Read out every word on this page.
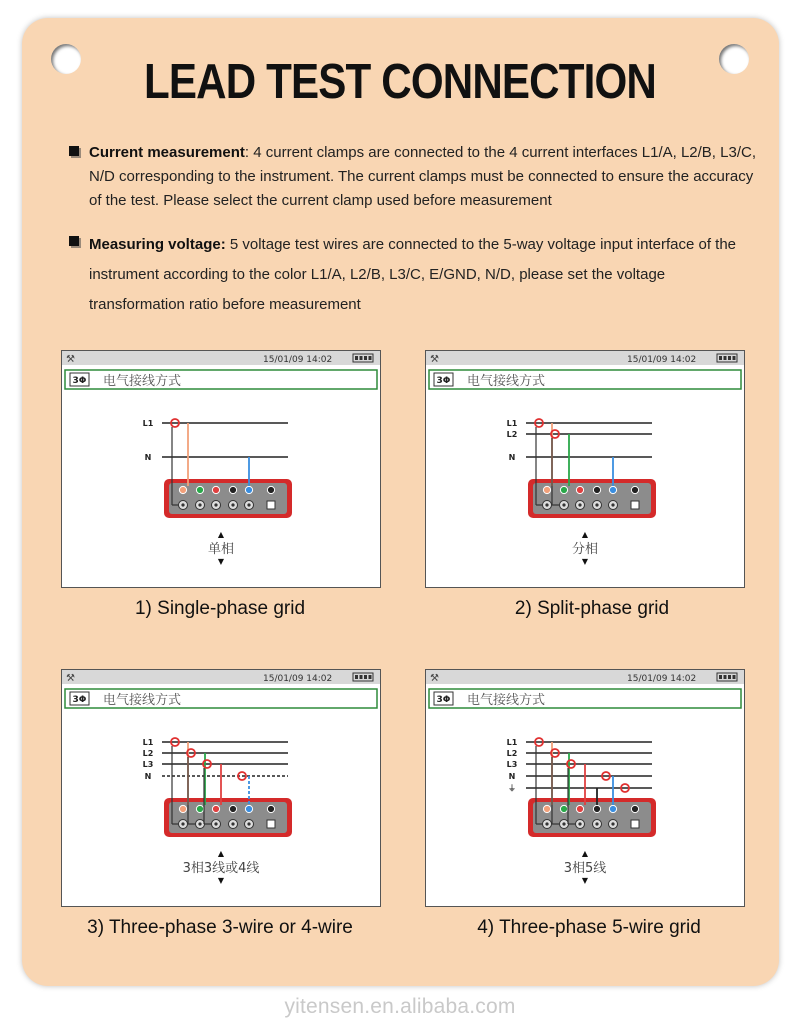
LEAD TEST CONNECTION
Current measurement: 4 current clamps are connected to the 4 current interfaces L1/A, L2/B, L3/C, N/D corresponding to the instrument. The current clamps must be connected to ensure the accuracy of the test. Please select the current clamp used before measurement
Measuring voltage: 5 voltage test wires are connected to the 5-way voltage input interface of the instrument according to the color L1/A, L2/B, L3/C, E/GND, N/D, please set the voltage transformation ratio before measurement
⚒	15/01/09 14:02
3Φ 电气接线方式
L1
N
▲
单相
▼
1) Single-phase grid
⚒	15/01/09 14:02
3Φ 电气接线方式
L1
L2
N
▲
分相
▼
2) Split-phase grid
⚒	15/01/09 14:02
3Φ 电气接线方式
L1
L2
L3
N
▲
3相3线或4线
▼
3) Three-phase 3-wire or 4-wire
⚒	15/01/09 14:02
3Φ 电气接线方式
L1
L2
L3
N
⏚
▲
3相5线
▼
4) Three-phase 5-wire grid
yitensen.en.alibaba.com
